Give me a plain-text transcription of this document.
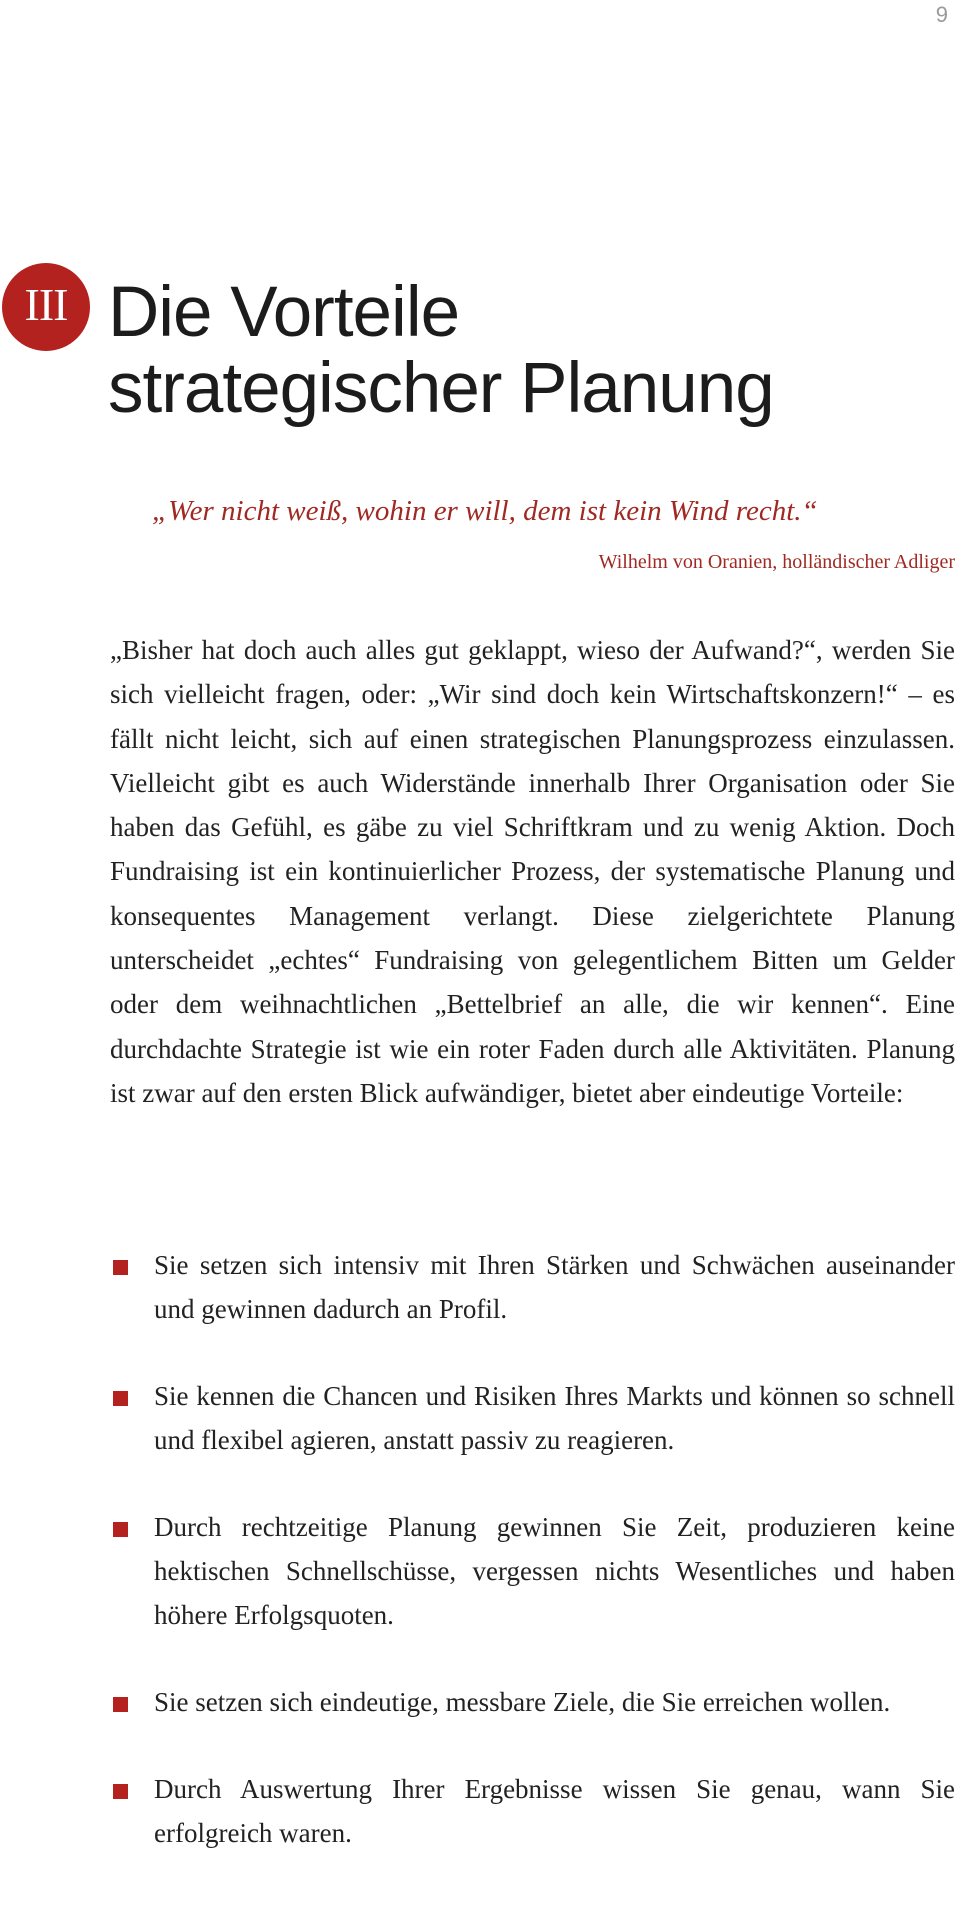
9
III Die Vorteile
strategischer Planung

„Wer nicht weiß, wohin er will, dem ist kein Wind recht.“

Wilhelm von Oranien, holländischer Adliger

„Bisher hat doch auch alles gut geklappt, wieso der Aufwand?“, werden Sie sich vielleicht fragen, oder: „Wir sind doch kein Wirtschaftskonzern!“ – es fällt nicht leicht, sich auf einen strategischen Planungsprozess einzulassen. Vielleicht gibt es auch Widerstände innerhalb Ihrer Organisation oder Sie haben das Gefühl, es gäbe zu viel Schriftkram und zu wenig Aktion. Doch Fundraising ist ein kontinuierlicher Prozess, der systematische Planung und konsequentes Management verlangt. Diese zielgerichtete Planung unterscheidet „echtes“ Fundraising von gelegentlichem Bitten um Gelder oder dem weihnachtlichen „Bettelbrief an alle, die wir kennen“. Eine durchdachte Strategie ist wie ein roter Faden durch alle Aktivitäten. Planung ist zwar auf den ersten Blick aufwändiger, bietet aber eindeutige Vorteile:

Sie setzen sich intensiv mit Ihren Stärken und Schwächen auseinander und gewinnen dadurch an Profil.
Sie kennen die Chancen und Risiken Ihres Markts und können so schnell und flexibel agieren, anstatt passiv zu reagieren.
Durch rechtzeitige Planung gewinnen Sie Zeit, produzieren keine hektischen Schnellschüsse, vergessen nichts Wesentliches und haben höhere Erfolgsquoten.
Sie setzen sich eindeutige, messbare Ziele, die Sie erreichen wollen.
Durch Auswertung Ihrer Ergebnisse wissen Sie genau, wann Sie erfolgreich waren.
